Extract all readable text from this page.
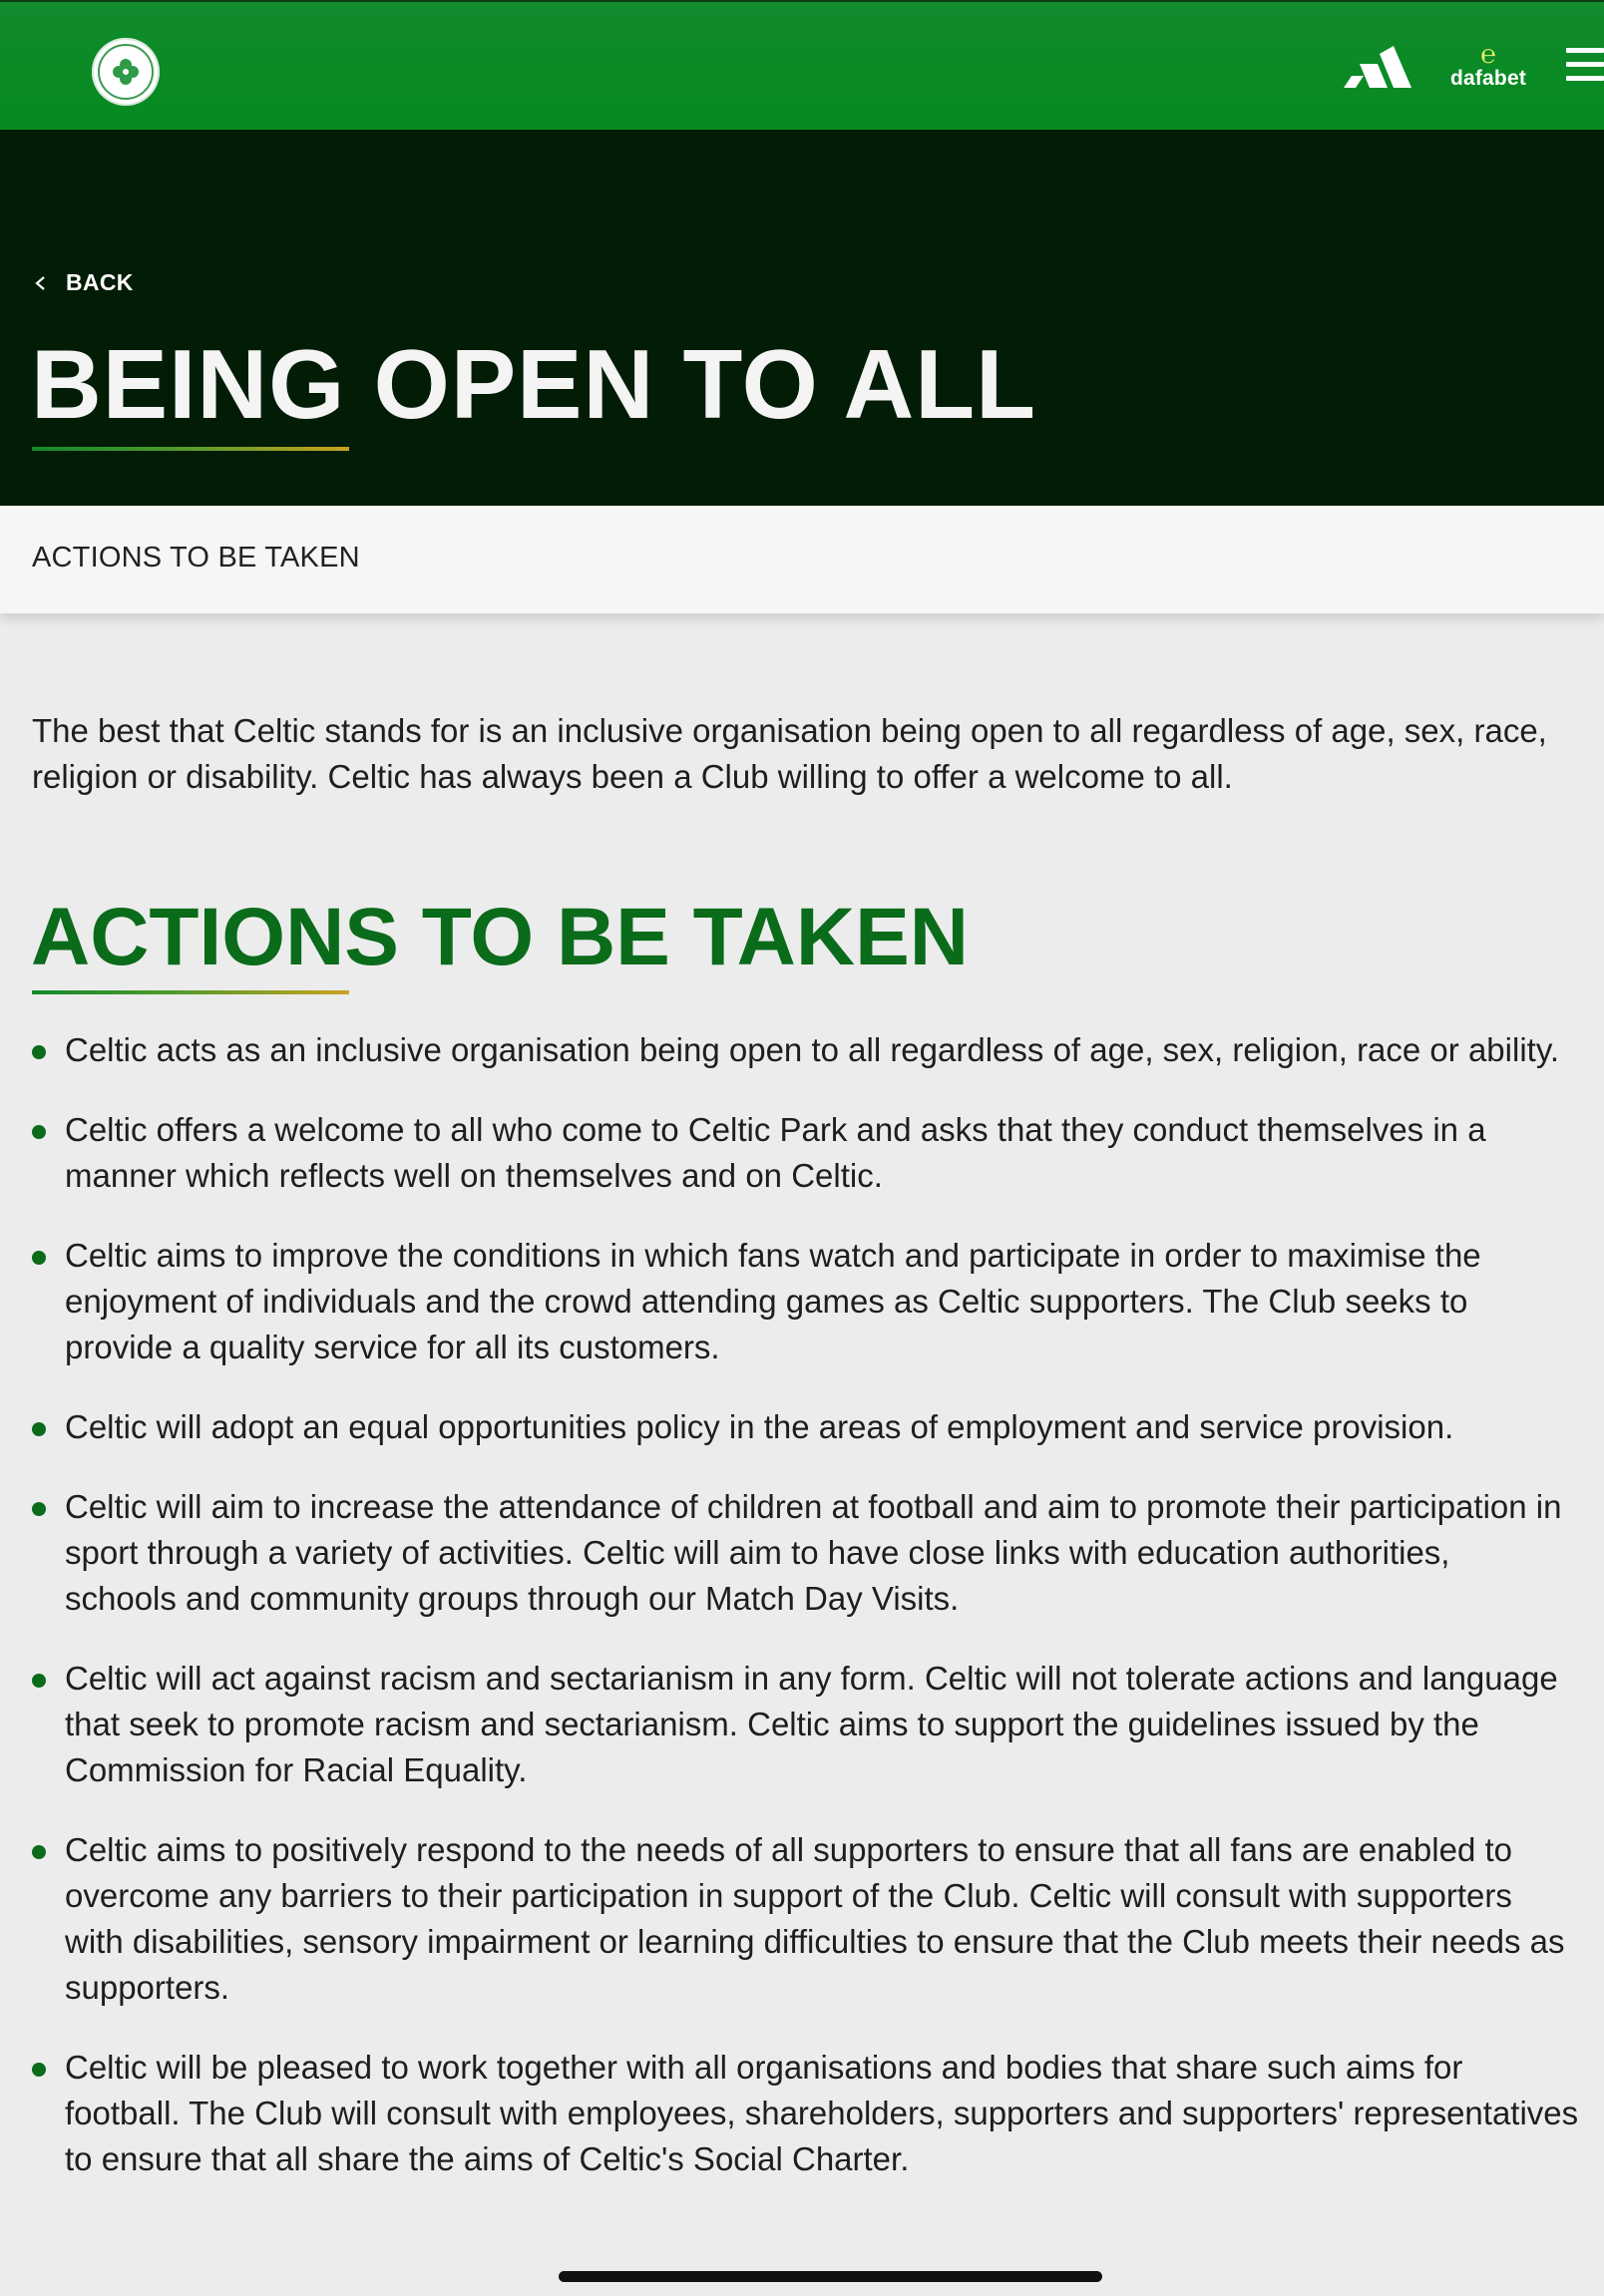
℮
dafabet
BACK
BEING OPEN TO ALL
ACTIONS TO BE TAKEN

The best that Celtic stands for is an inclusive organisation being open to all regardless of age, sex, race,
religion or disability. Celtic has always been a Club willing to offer a welcome to all.

ACTIONS TO BE TAKEN
Celtic acts as an inclusive organisation being open to all regardless of age, sex, religion, race or ability.
Celtic offers a welcome to all who come to Celtic Park and asks that they conduct themselves in a
manner which reflects well on themselves and on Celtic.
Celtic aims to improve the conditions in which fans watch and participate in order to maximise the
enjoyment of individuals and the crowd attending games as Celtic supporters. The Club seeks to
provide a quality service for all its customers.
Celtic will adopt an equal opportunities policy in the areas of employment and service provision.
Celtic will aim to increase the attendance of children at football and aim to promote their participation in
sport through a variety of activities. Celtic will aim to have close links with education authorities,
schools and community groups through our Match Day Visits.
Celtic will act against racism and sectarianism in any form. Celtic will not tolerate actions and language
that seek to promote racism and sectarianism. Celtic aims to support the guidelines issued by the
Commission for Racial Equality.
Celtic aims to positively respond to the needs of all supporters to ensure that all fans are enabled to
overcome any barriers to their participation in support of the Club. Celtic will consult with supporters
with disabilities, sensory impairment or learning difficulties to ensure that the Club meets their needs as
supporters.
Celtic will be pleased to work together with all organisations and bodies that share such aims for
football. The Club will consult with employees, shareholders, supporters and supporters' representatives
to ensure that all share the aims of Celtic's Social Charter.
